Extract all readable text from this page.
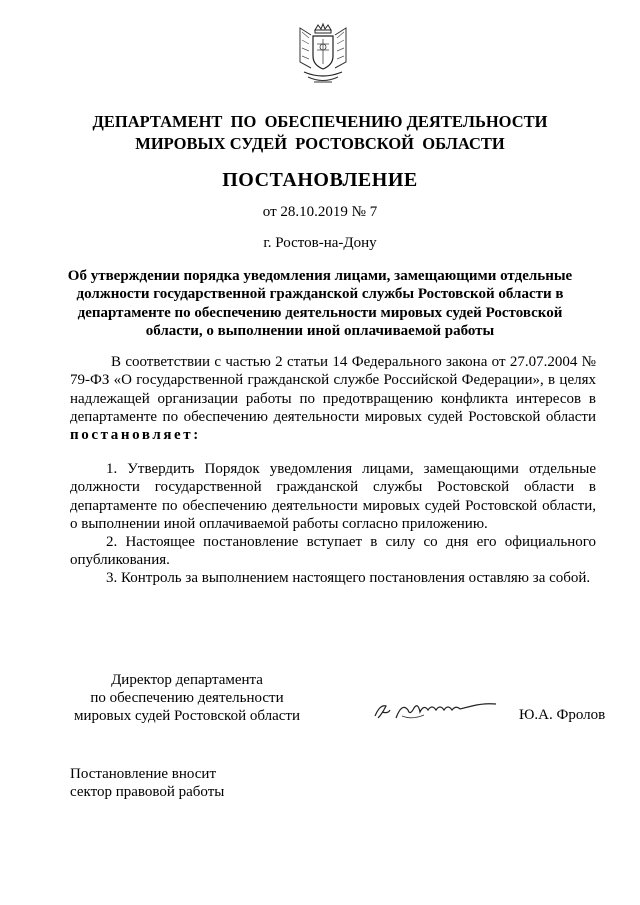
ДЕПАРТАМЕНТ  ПО  ОБЕСПЕЧЕНИЮ ДЕЯТЕЛЬНОСТИ
МИРОВЫХ СУДЕЙ  РОСТОВСКОЙ  ОБЛАСТИ
ПОСТАНОВЛЕНИЕ
от 28.10.2019 № 7
г. Ростов-на-Дону

Об утверждении порядка уведомления лицами, замещающими отдельные должности государственной гражданской службы Ростовской области в департаменте по обеспечению деятельности мировых судей Ростовской области, о выполнении иной оплачиваемой работы

В соответствии с частью 2 статьи 14 Федерального закона от 27.07.2004 № 79-ФЗ «О государственной гражданской службе Российской Федерации», в целях надлежащей организации работы по предотвращению конфликта интересов в департаменте по обеспечению деятельности мировых судей Ростовской области постановляет:

1. Утвердить Порядок уведомления лицами, замещающими отдельные должности государственной гражданской службы Ростовской области в департаменте по обеспечению деятельности мировых судей Ростовской области, о выполнении иной оплачиваемой работы согласно приложению.

2. Настоящее постановление вступает в силу со дня его официального опубликования.

3. Контроль за выполнением настоящего постановления оставляю за собой.

Директор департамента
по обеспечению деятельности
мировых судей Ростовской области	Ю.А. Фролов
Постановление вносит
сектор правовой работы
